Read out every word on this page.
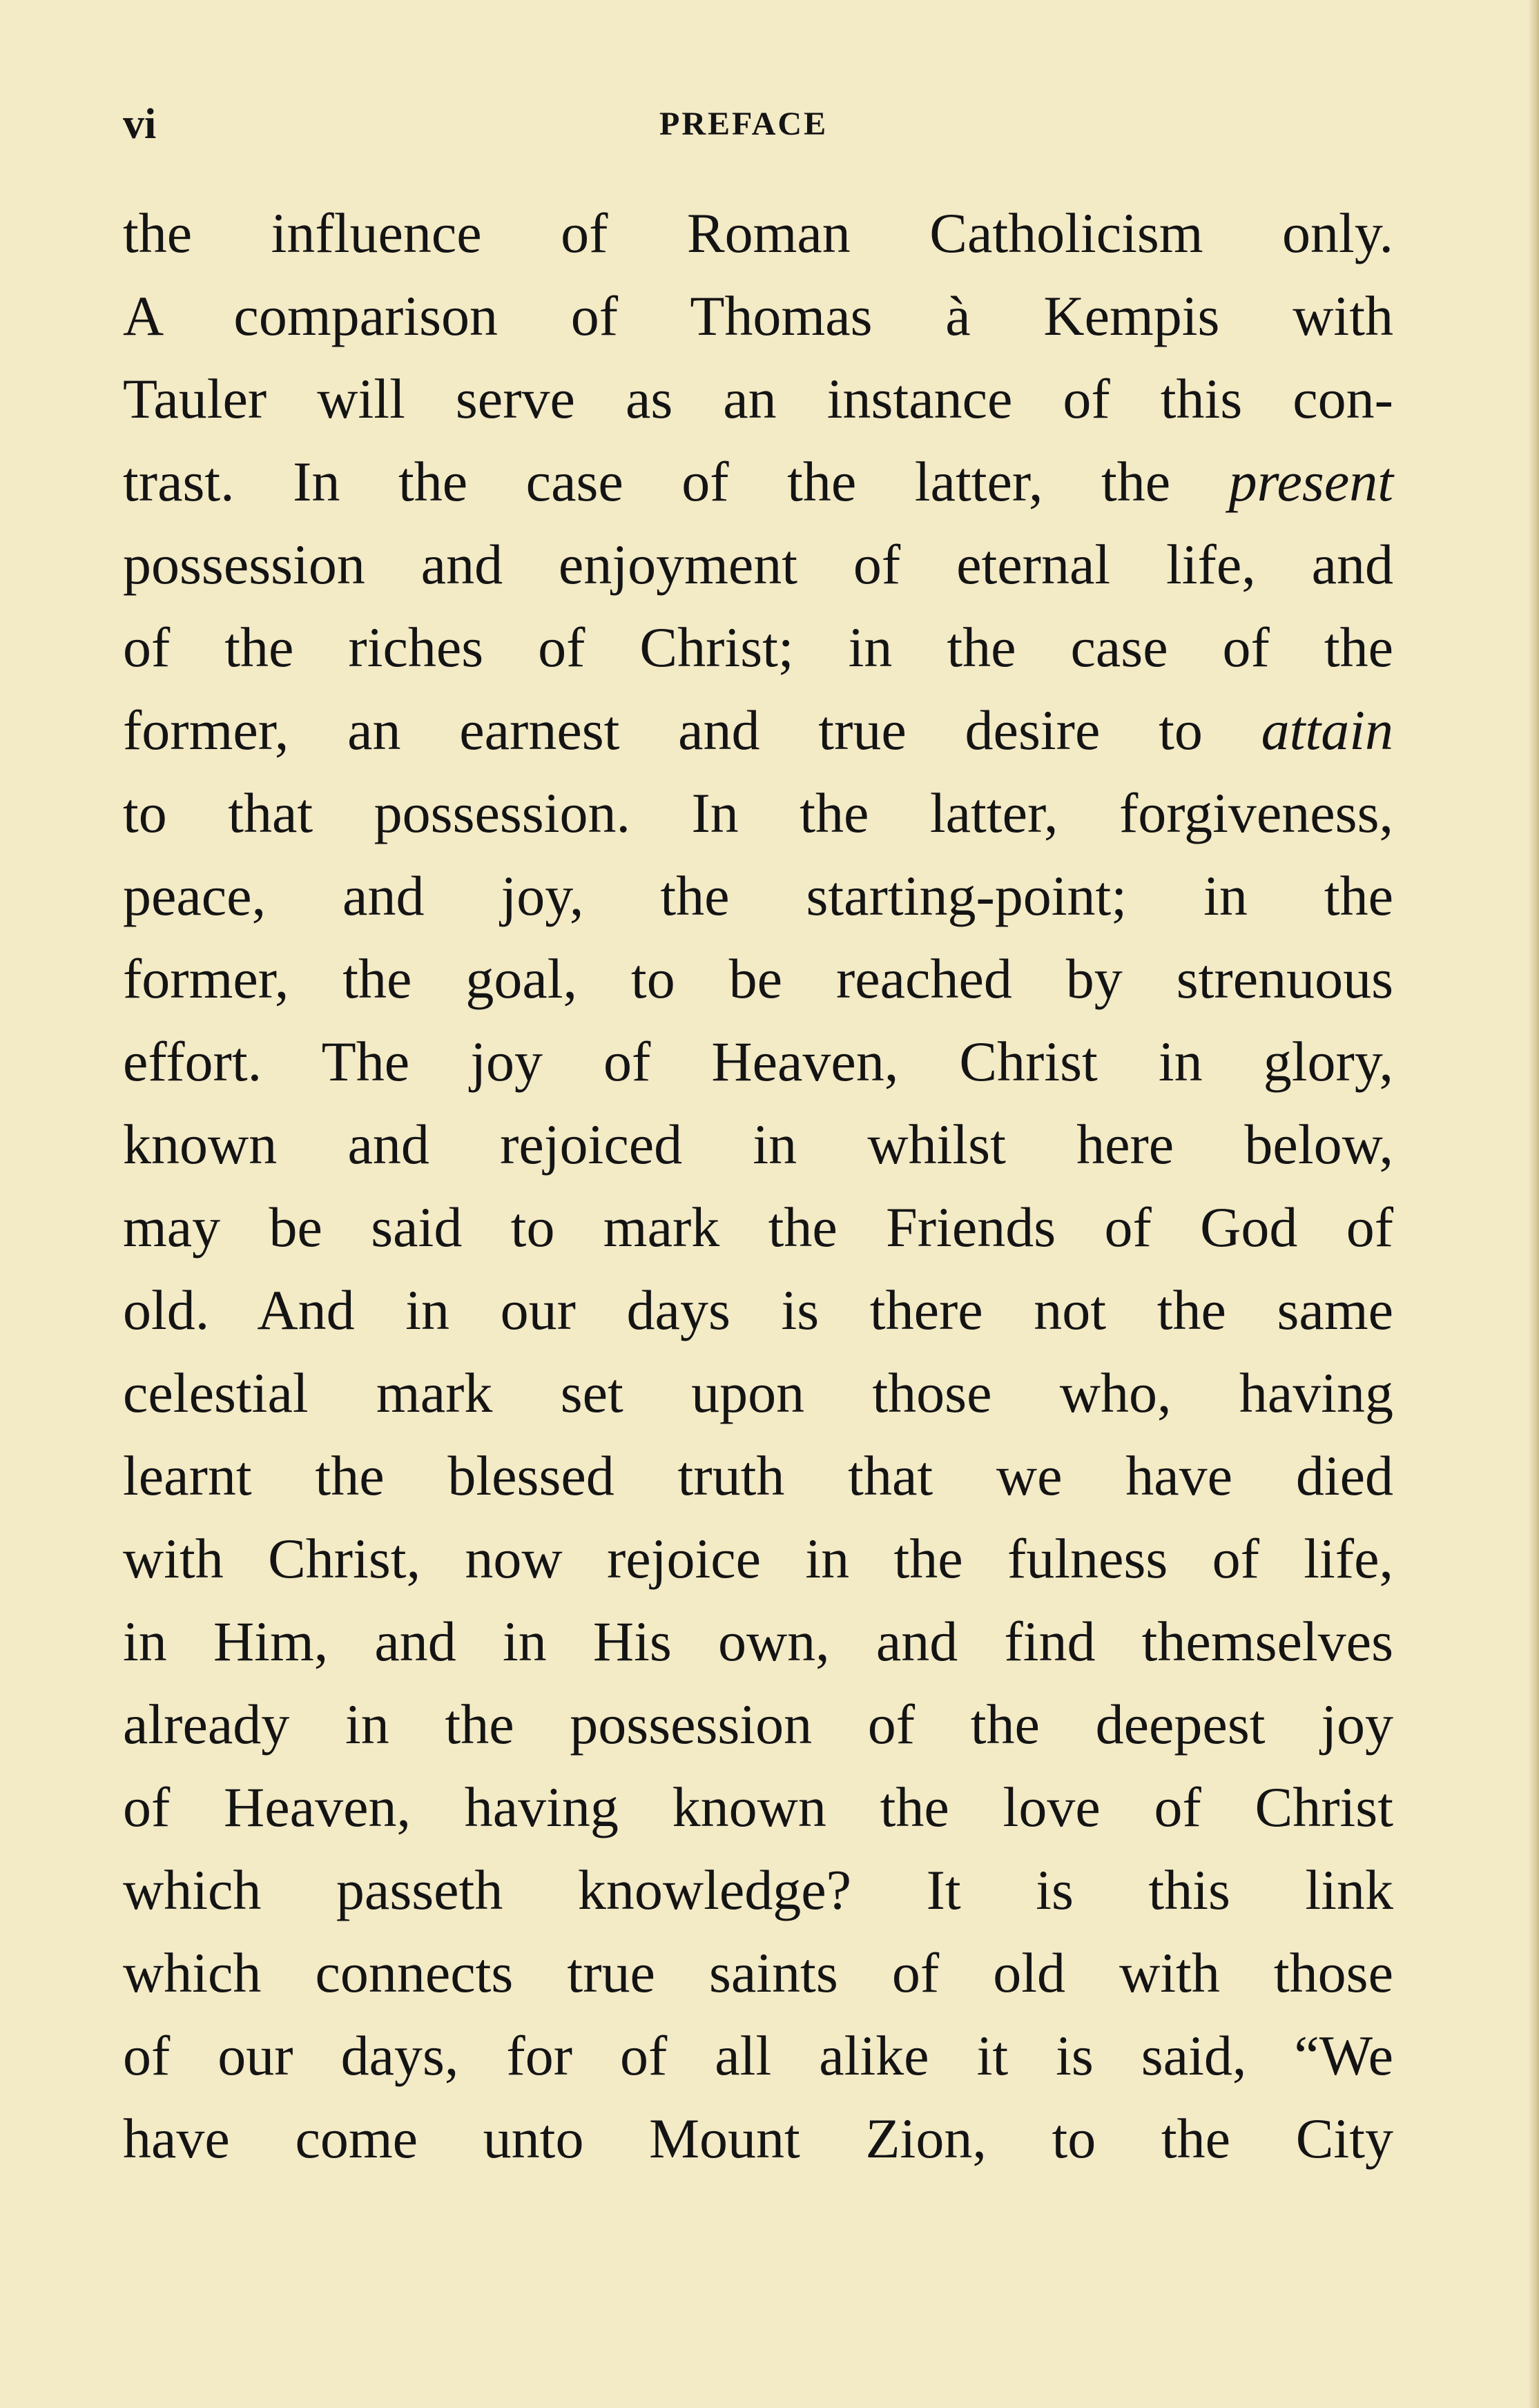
vi	PREFACE
the influence of Roman Catholicism only.
A comparison of Thomas à Kempis with
Tauler will serve as an instance of this con-
trast. In the case of the latter, the present
possession and enjoyment of eternal life, and
of the riches of Christ; in the case of the
former, an earnest and true desire to attain
to that possession. In the latter, forgiveness,
peace, and joy, the starting-point; in the
former, the goal, to be reached by strenuous
effort. The joy of Heaven, Christ in glory,
known and rejoiced in whilst here below,
may be said to mark the Friends of God of
old. And in our days is there not the same
celestial mark set upon those who, having
learnt the blessed truth that we have died
with Christ, now rejoice in the fulness of life,
in Him, and in His own, and find themselves
already in the possession of the deepest joy
of Heaven, having known the love of Christ
which passeth knowledge? It is this link
which connects true saints of old with those
of our days, for of all alike it is said, “We
have come unto Mount Zion, to the City
